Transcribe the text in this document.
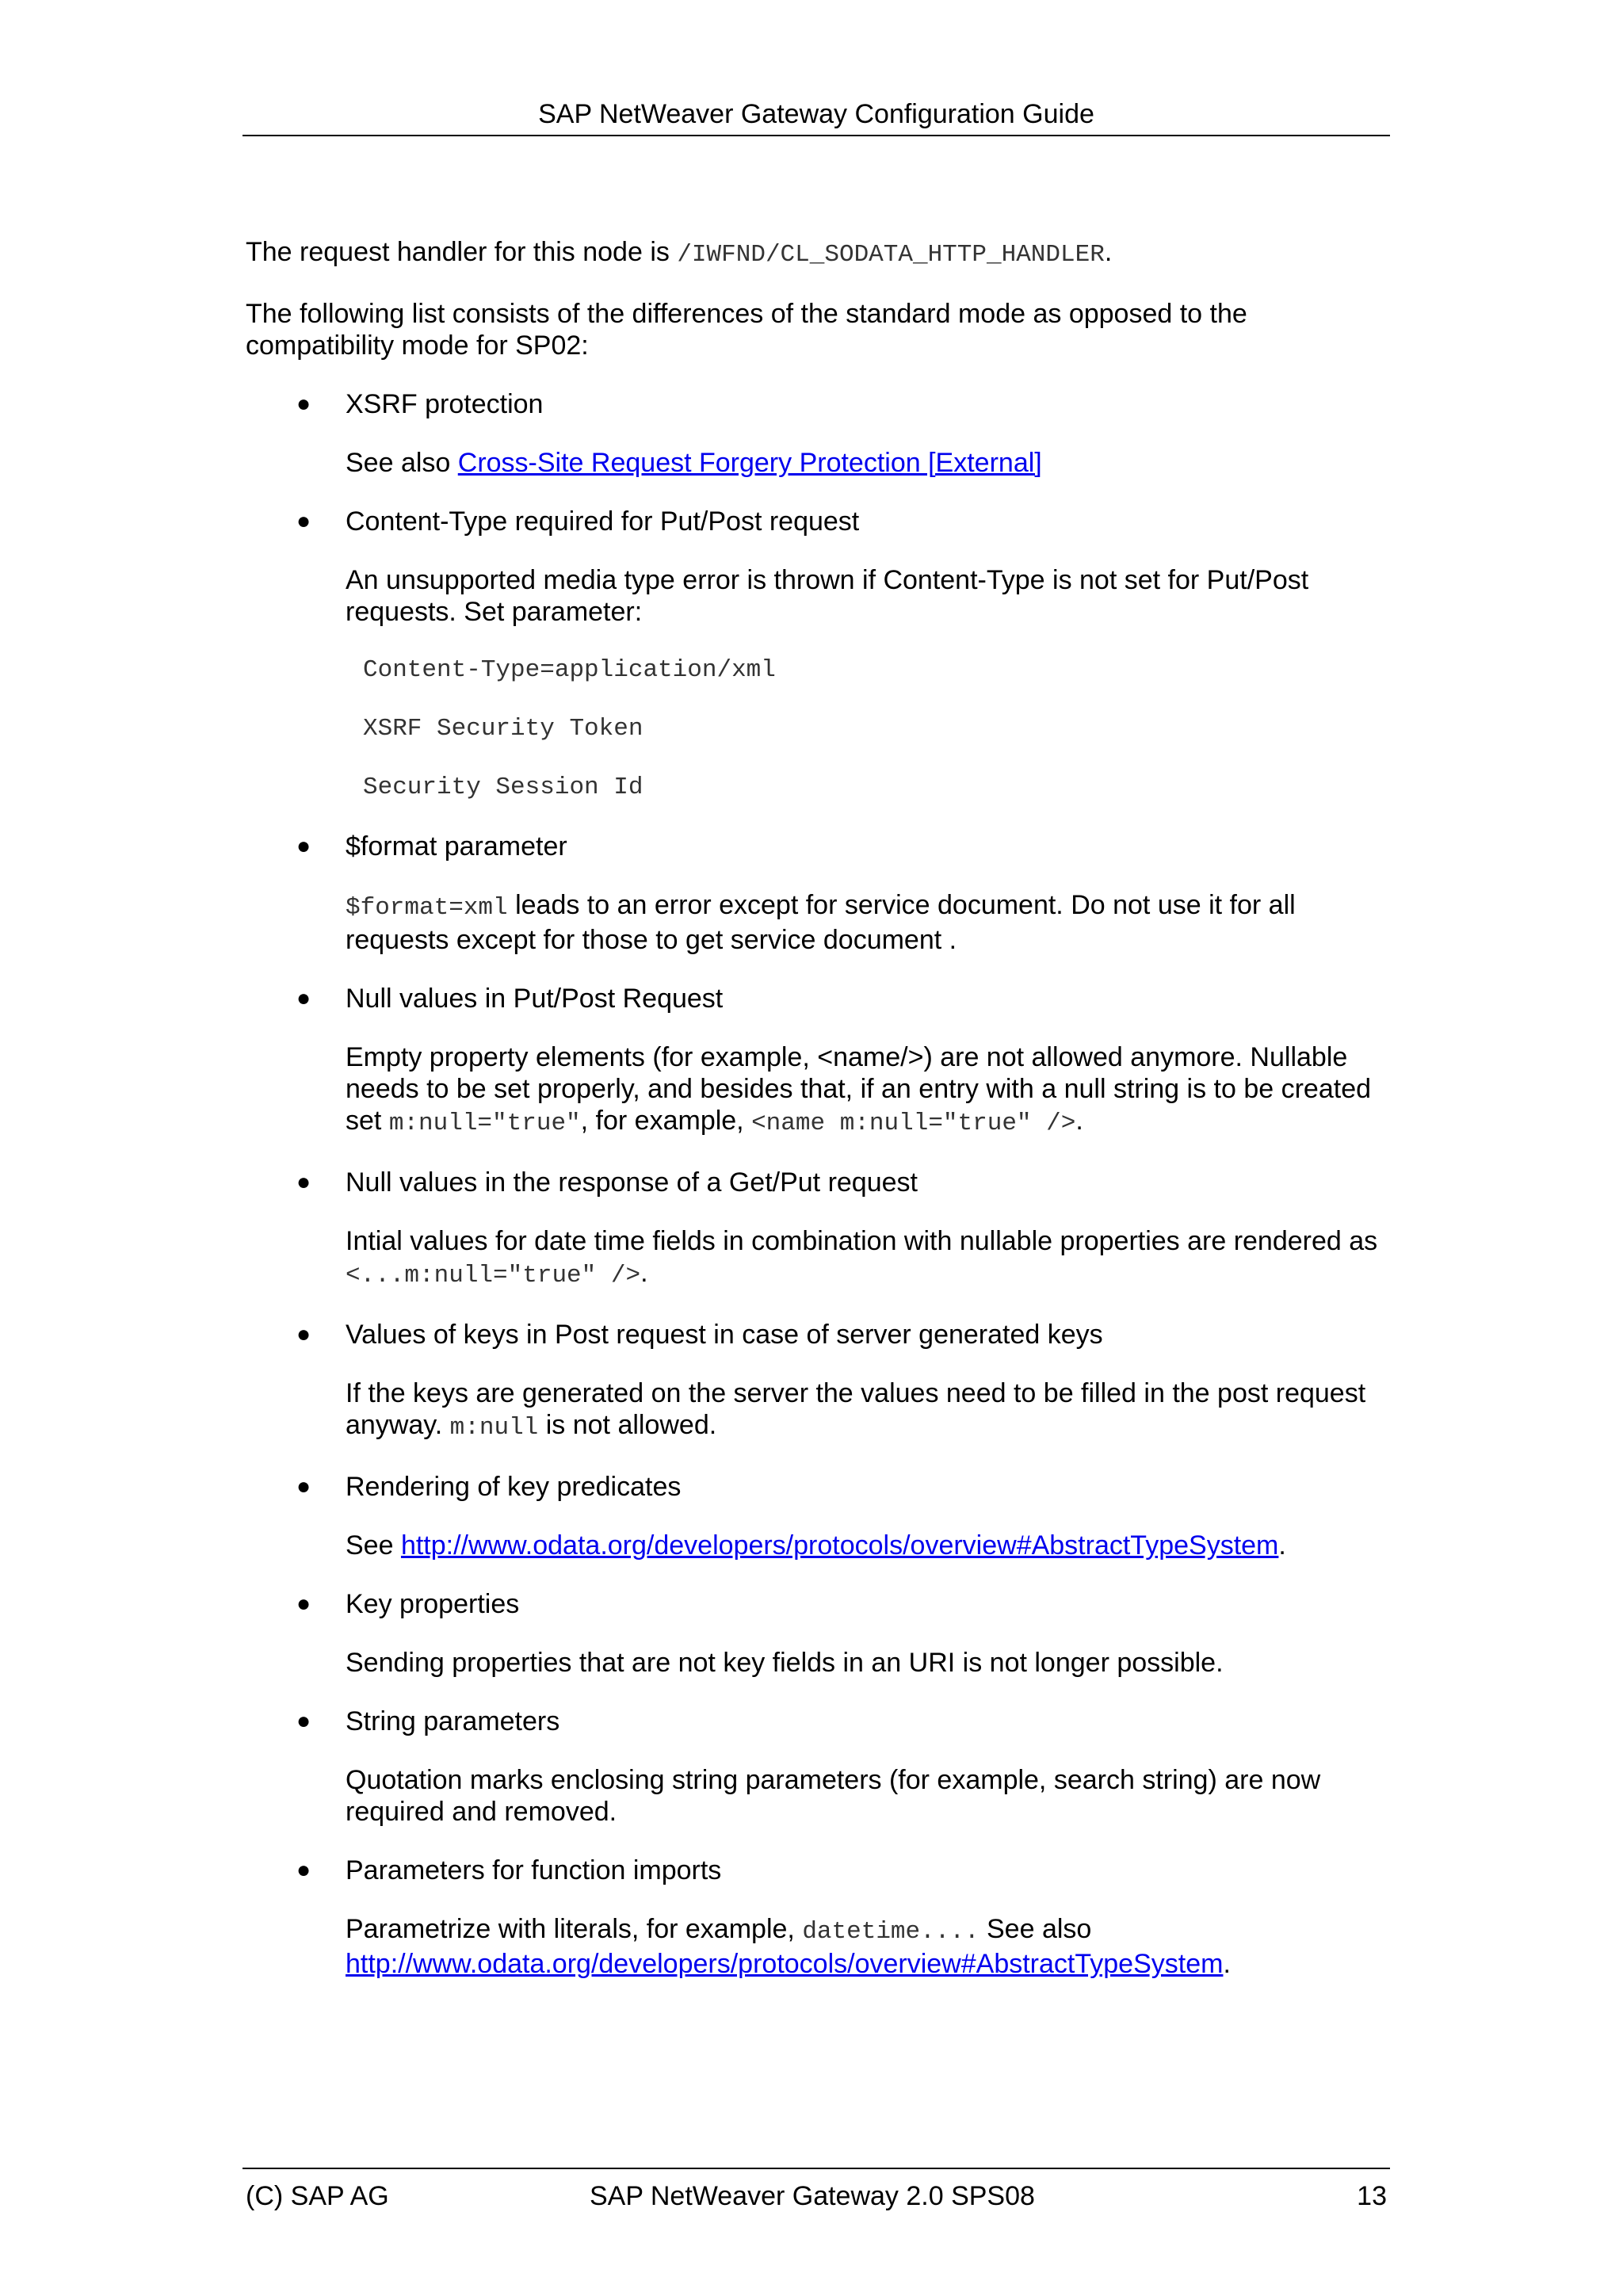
SAP NetWeaver Gateway Configuration Guide

The request handler for this node is /IWFND/CL_SODATA_HTTP_HANDLER.

The following list consists of the differences of the standard mode as opposed to the compatibility mode for SP02:

● XSRF protection

See also Cross-Site Request Forgery Protection [External]

● Content-Type required for Put/Post request

An unsupported media type error is thrown if Content-Type is not set for Put/Post requests. Set parameter:

Content-Type=application/xml
XSRF Security Token
Security Session Id
● $format parameter

$format=xml leads to an error except for service document. Do not use it for all requests except for those to get service document .

● Null values in Put/Post Request

Empty property elements (for example, <name/>) are not allowed anymore. Nullable needs to be set properly, and besides that, if an entry with a null string is to be created set m:null="true", for example, <name m:null="true" />.

● Null values in the response of a Get/Put request

Intial values for date time fields in combination with nullable properties are rendered as <...m:null="true" />.

● Values of keys in Post request in case of server generated keys

If the keys are generated on the server the values need to be filled in the post request anyway. m:null is not allowed.

● Rendering of key predicates

See http://www.odata.org/developers/protocols/overview#AbstractTypeSystem.

● Key properties

Sending properties that are not key fields in an URI is not longer possible.

● String parameters

Quotation marks enclosing string parameters (for example, search string) are now required and removed.

● Parameters for function imports

Parametrize with literals, for example, datetime.... See also http://www.odata.org/developers/protocols/overview#AbstractTypeSystem.

(C) SAP AG	SAP NetWeaver Gateway 2.0 SPS08	13
